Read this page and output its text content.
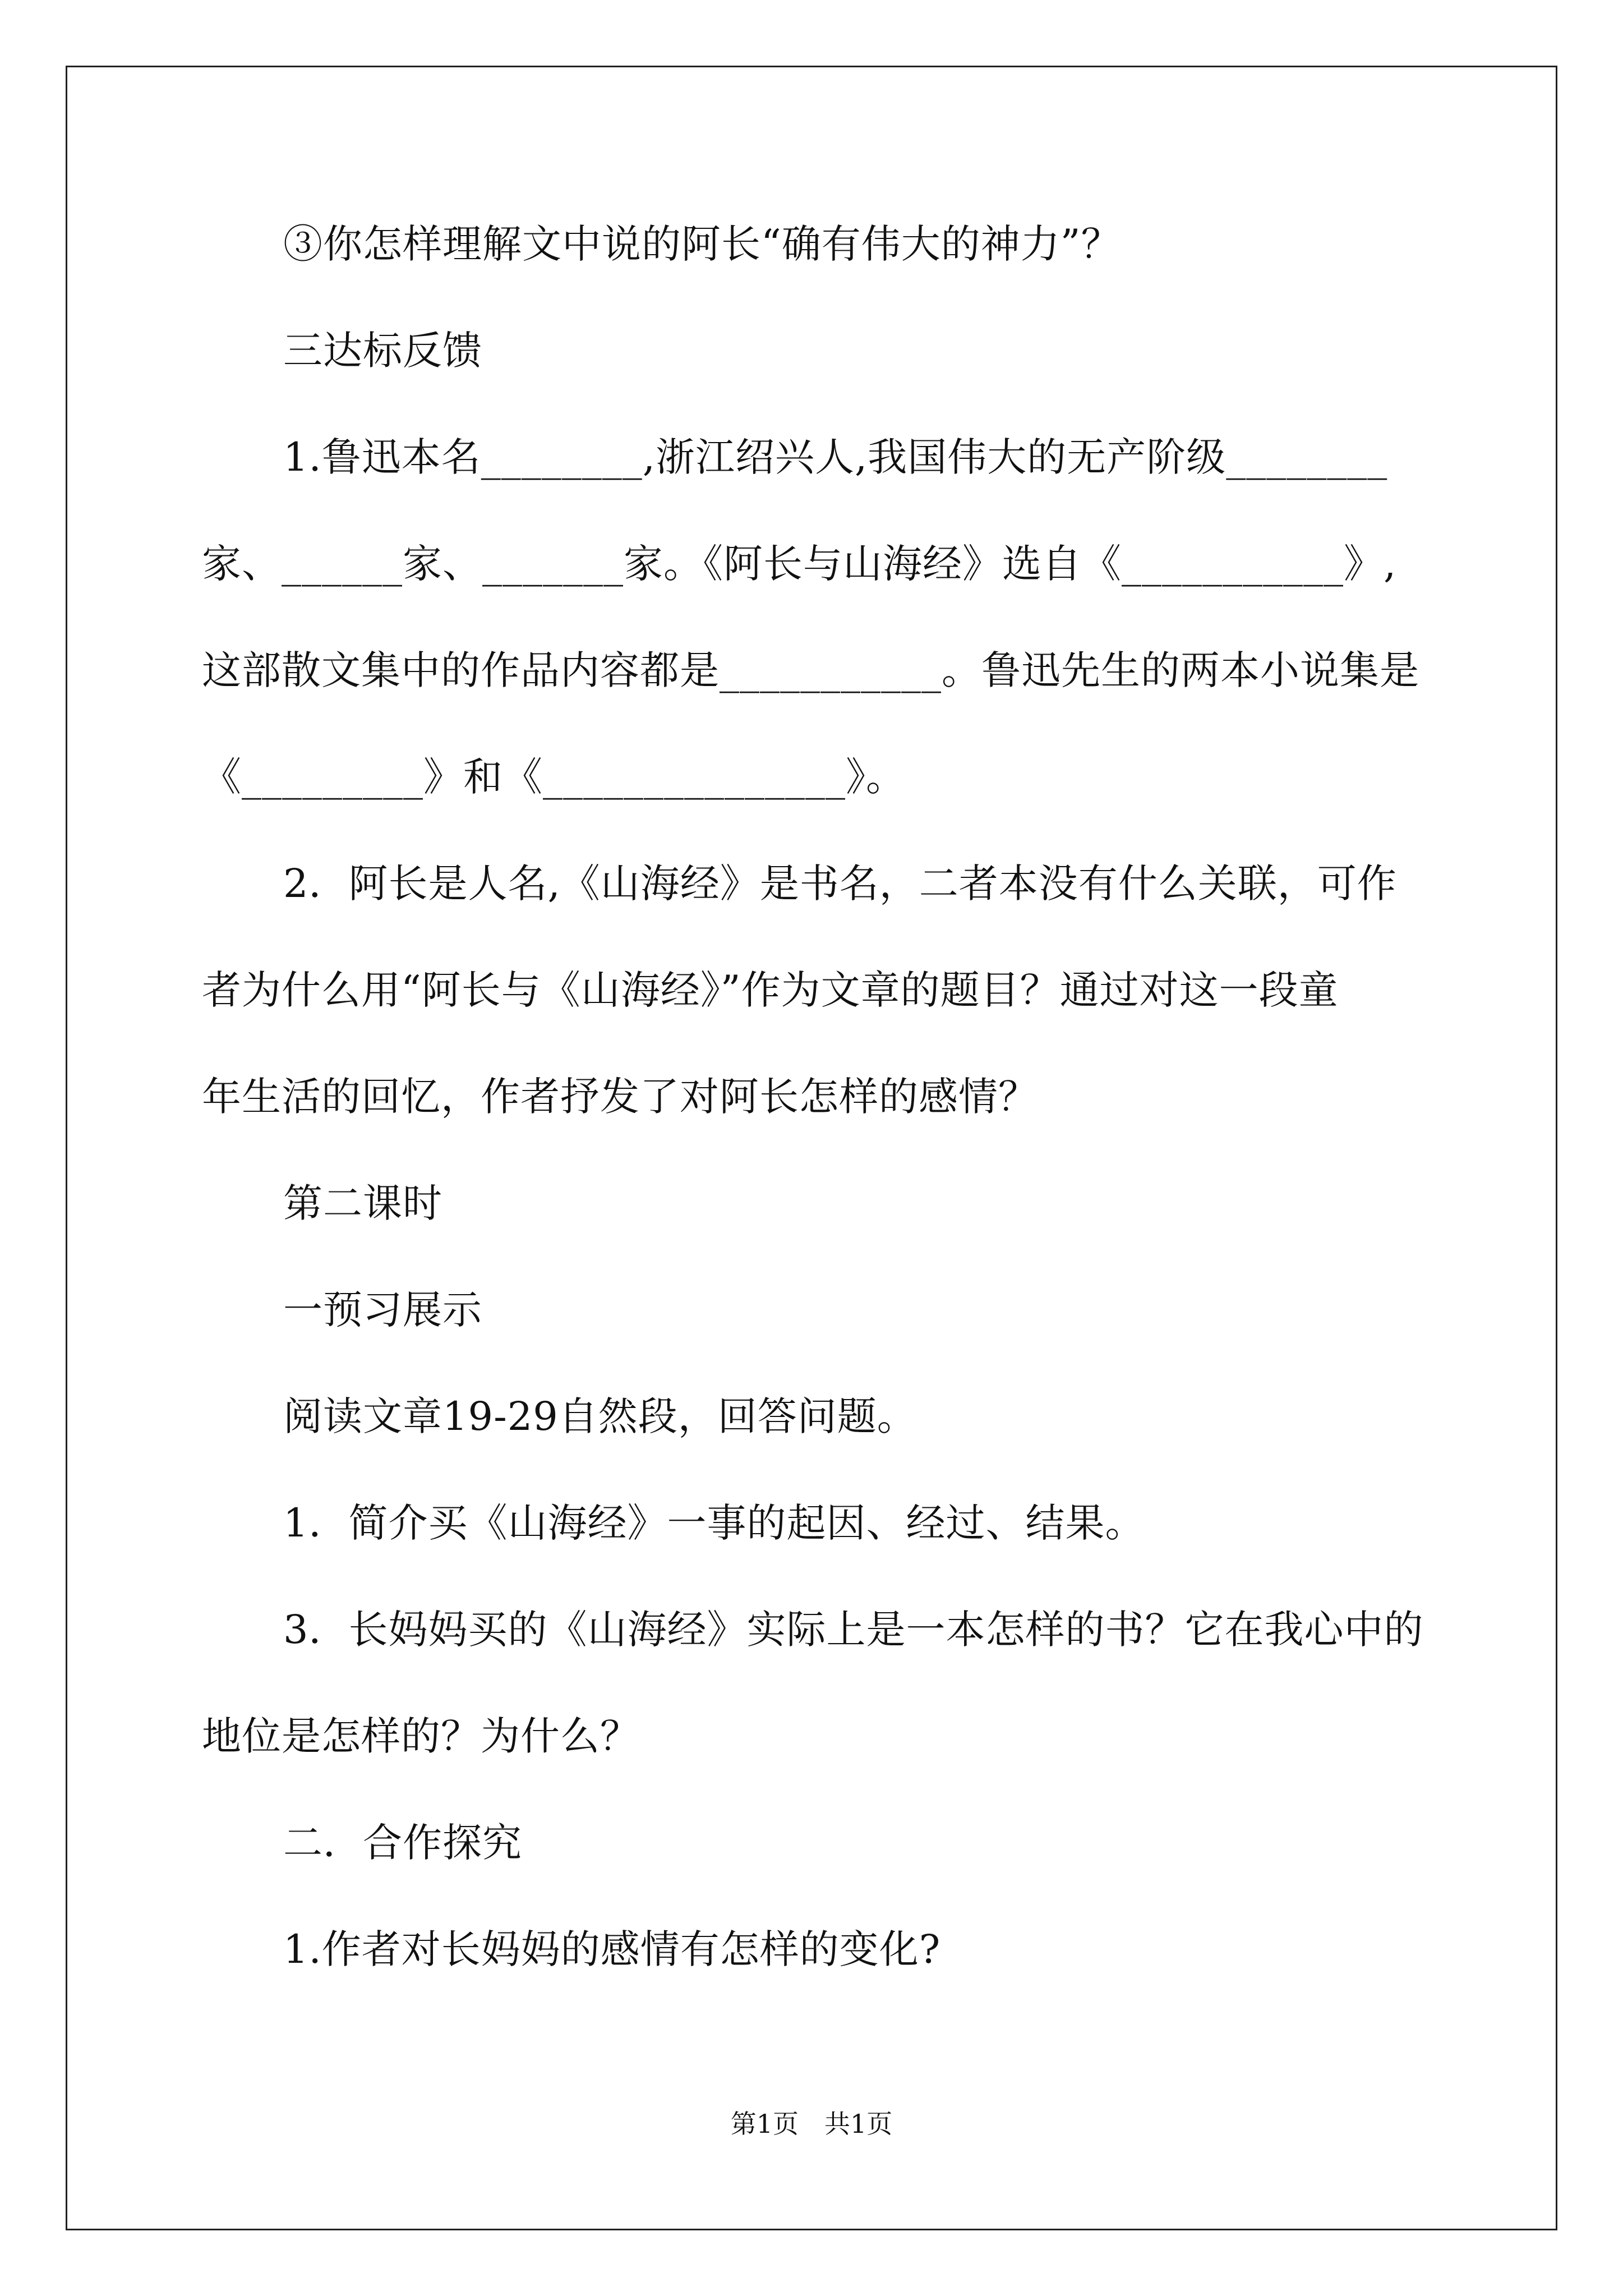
③你怎样理解文中说的阿长“确有伟大的神力”？
三达标反馈
1.鲁迅本名________,浙江绍兴人,我国伟大的无产阶级________
家、______家、_______家。《阿长与山海经》选自《___________》,
这部散文集中的作品内容都是___________。鲁迅先生的两本小说集是
《_________》和《_______________》。
2．阿长是人名,《山海经》是书名，二者本没有什么关联，可作
者为什么用“阿长与《山海经》”作为文章的题目？通过对这一段童
年生活的回忆，作者抒发了对阿长怎样的感情？
第二课时
一预习展示
阅读文章19-29自然段，回答问题。
1．简介买《山海经》一事的起因、经过、结果。
3．长妈妈买的《山海经》实际上是一本怎样的书？它在我心中的
地位是怎样的？为什么？
二．合作探究
1.作者对长妈妈的感情有怎样的变化?
第1页　共1页
